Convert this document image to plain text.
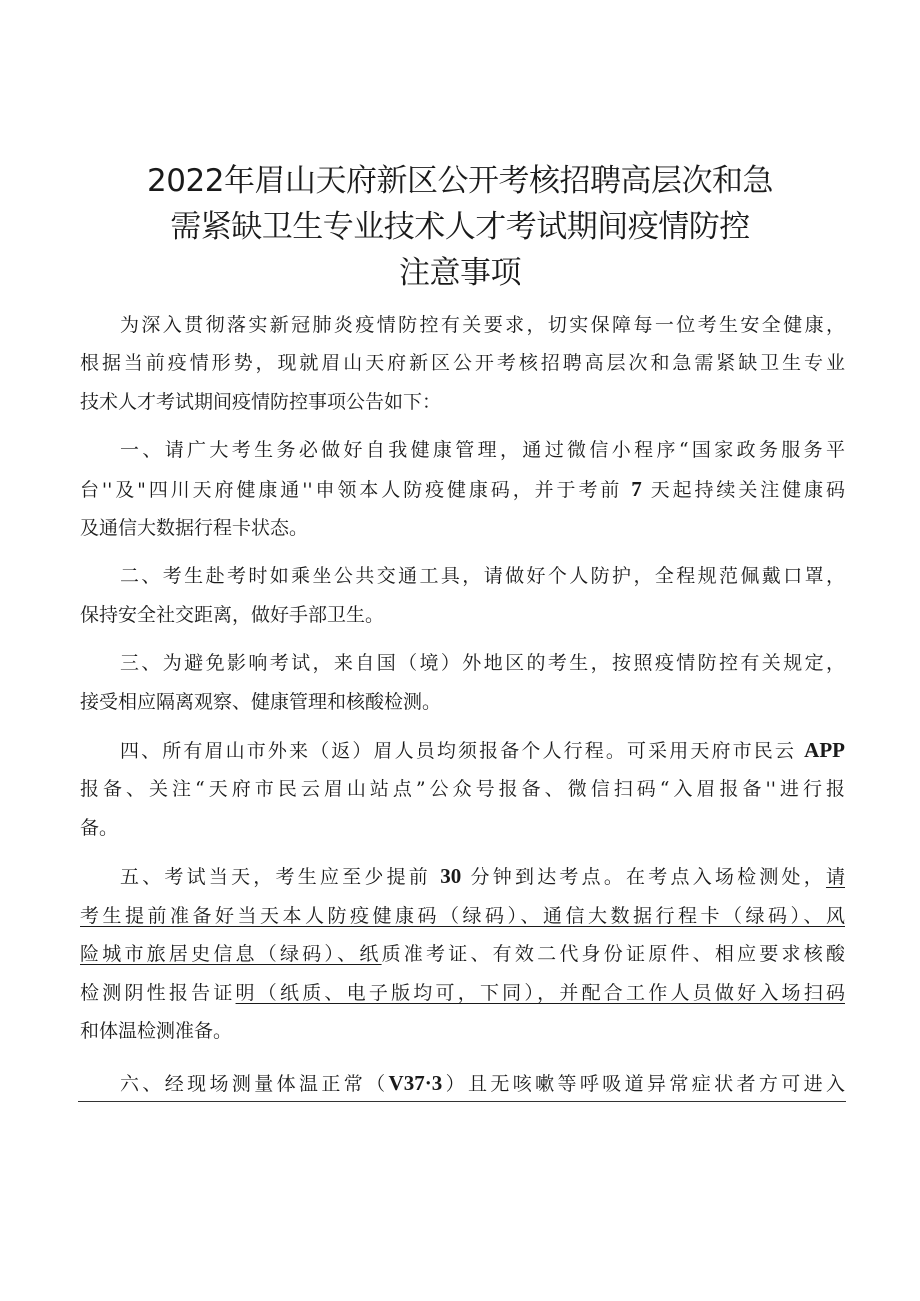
2022年眉山天府新区公开考核招聘高层次和急
需紧缺卫生专业技术人才考试期间疫情防控
注意事项
为深入贯彻落实新冠肺炎疫情防控有关要求，切实保障每一位考生安全健康，
根据当前疫情形势，现就眉山天府新区公开考核招聘高层次和急需紧缺卫生专业
技术人才考试期间疫情防控事项公告如下：
一、请广大考生务必做好自我健康管理，通过微信小程序“国家政务服务平
台''及"四川天府健康通''申领本人防疫健康码，并于考前 7 天起持续关注健康码
及通信大数据行程卡状态。
二、考生赴考时如乘坐公共交通工具，请做好个人防护，全程规范佩戴口罩，
保持安全社交距离，做好手部卫生。
三、为避免影响考试，来自国（境）外地区的考生，按照疫情防控有关规定，
接受相应隔离观察、健康管理和核酸检测。
四、所有眉山市外来（返）眉人员均须报备个人行程。可采用天府市民云 APP
报备、关注“天府市民云眉山站点”公众号报备、微信扫码“入眉报备''进行报
备。
五、考试当天，考生应至少提前 30 分钟到达考点。在考点入场检测处，请
考生提前准备好当天本人防疫健康码（绿码）、通信大数据行程卡（绿码）、风
险城市旅居史信息（绿码）、纸质准考证、有效二代身份证原件、相应要求核酸
检测阴性报告证明（纸质、电子版均可，下同），并配合工作人员做好入场扫码
和体温检测准备。
六、经现场测量体温正常（V37·3）且无咳嗽等呼吸道异常症状者方可进入
